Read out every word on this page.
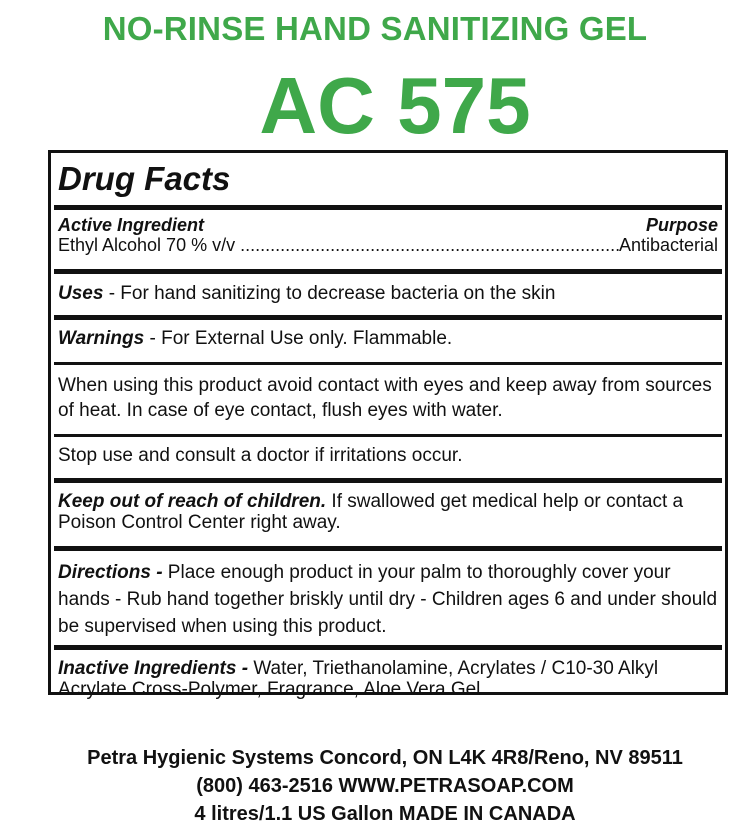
NO-RINSE HAND SANITIZING GEL
AC 575
Drug Facts
Active Ingredient	Purpose
Ethyl Alcohol 70 % v/v
.....	Antibacterial
Uses - For hand sanitizing to decrease bacteria on the skin
Warnings - For External Use only. Flammable.
When using this product avoid contact with eyes and keep away from sources of heat. In case of eye contact, flush eyes with water.
Stop use and consult a doctor if irritations occur.
Keep out of reach of children. If swallowed get medical help or contact a Poison Control Center right away.
Directions - Place enough product in your palm to thoroughly cover your hands - Rub hand together briskly until dry - Children ages 6 and under should be supervised when using this product.
Inactive Ingredients - Water, Triethanolamine, Acrylates / C10-30 Alkyl Acrylate Cross-Polymer, Fragrance, Aloe Vera Gel
Petra Hygienic Systems Concord, ON L4K 4R8/Reno, NV 89511
(800) 463-2516 WWW.PETRASOAP.COM
4 litres/1.1 US Gallon MADE IN CANADA
